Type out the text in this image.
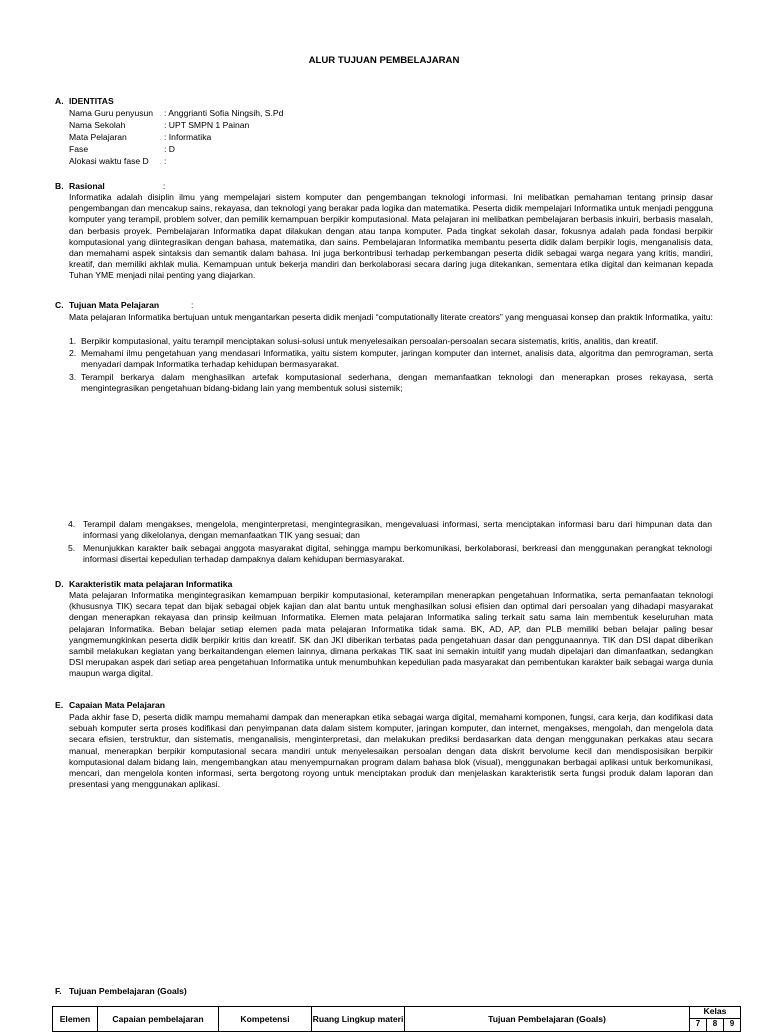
ALUR TUJUAN PEMBELAJARAN
A. IDENTITAS
Nama Guru penyusun : Anggrianti Sofia Ningsih, S.Pd
Nama Sekolah	: UPT SMPN 1 Painan
Mata Pelajaran	: Informatika
Fase	: D
Alokasi waktu fase D :
B. Rasional	:
Informatika adalah disiplin ilmu yang mempelajari sistem komputer dan pengembangan teknologi informasi. Ini melibatkan pemahaman tentang prinsip dasar pengembangan dan mencakup sains, rekayasa, dan teknologi yang berakar pada logika dan matematika. Peserta didik mempelajari Informatika untuk menjadi pengguna komputer yang terampil, problem solver, dan pemilik kemampuan berpikir komputasional. Mata pelajaran ini melibatkan pembelajaran berbasis inkuiri, berbasis masalah, dan berbasis proyek. Pembelajaran Informatika dapat dilakukan dengan atau tanpa komputer. Pada tingkat sekolah dasar, fokusnya adalah pada fondasi berpikir komputasional yang diintegrasikan dengan bahasa, matematika, dan sains. Pembelajaran Informatika membantu peserta didik dalam berpikir logis, menganalisis data, dan memahami aspek sintaksis dan semantik dalam bahasa. Ini juga berkontribusi terhadap perkembangan peserta didik sebagai warga negara yang kritis, mandiri, kreatif, dan memiliki akhlak mulia. Kemampuan untuk bekerja mandiri dan berkolaborasi secara daring juga ditekankan, sementara etika digital dan keimanan kepada Tuhan YME menjadi nilai penting yang diajarkan.
C. Tujuan Mata Pelajaran	:
Mata pelajaran Informatika bertujuan untuk mengantarkan peserta didik menjadi “computationally literate creators” yang menguasai konsep dan praktik Informatika, yaitu:
1. Berpikir komputasional, yaitu terampil menciptakan solusi-solusi untuk menyelesaikan persoalan-persoalan secara sistematis, kritis, analitis, dan kreatif.
2. Memahami ilmu pengetahuan yang mendasari Informatika, yaitu sistem komputer, jaringan komputer dan internet, analisis data, algoritma dan pemrograman, serta menyadari dampak Informatika terhadap kehidupan bermasyarakat.
3. Terampil berkarya dalam menghasilkan artefak komputasional sederhana, dengan memanfaatkan teknologi dan menerapkan proses rekayasa, serta mengintegrasikan pengetahuan bidang-bidang lain yang membentuk solusi sistemik;
4. Terampil dalam mengakses, mengelola, menginterpretasi, mengintegrasikan, mengevaluasi informasi, serta menciptakan informasi baru dari himpunan data dan informasi yang dikelolanya, dengan memanfaatkan TIK yang sesuai; dan
5. Menunjukkan karakter baik sebagai anggota masyarakat digital, sehingga mampu berkomunikasi, berkolaborasi, berkreasi dan menggunakan perangkat teknologi informasi disertai kepedulian terhadap dampaknya dalam kehidupan bermasyarakat.
D. Karakteristik mata pelajaran Informatika
Mata pelajaran Informatika mengintegrasikan kemampuan berpikir komputasional, keterampilan menerapkan pengetahuan Informatika, serta pemanfaatan teknologi (khususnya TIK) secara tepat dan bijak sebagai objek kajian dan alat bantu untuk menghasilkan solusi efisien dan optimal dari persoalan yang dihadapi masyarakat dengan menerapkan rekayasa dan prinsip keilmuan Informatika. Elemen mata pelajaran Informatika saling terkait satu sama lain membentuk keseluruhan mata pelajaran Informatika. Beban belajar setiap elemen pada mata pelajaran Informatika tidak sama. BK, AD, AP, dan PLB memiliki beban belajar paling besar yangmemungkinkan peserta didik berpikir kritis dan kreatif. SK dan JKI diberikan terbatas pada pengetahuan dasar dan penggunaannya. TIK dan DSI dapat diberikan sambil melakukan kegiatan yang berkaitandengan elemen lainnya, dimana perkakas TIK saat ini semakin intuitif yang mudah dipelajari dan dimanfaatkan, sedangkan DSI merupakan aspek dari setiap area pengetahuan Informatika untuk menumbuhkan kepedulian pada masyarakat dan pembentukan karakter baik sebagai warga dunia maupun warga digital.
E. Capaian Mata Pelajaran
Pada akhir fase D, peserta didik mampu memahami dampak dan menerapkan etika sebagai warga digital, memahami komponen, fungsi, cara kerja, dan kodifikasi data sebuah komputer serta proses kodifikasi dan penyimpanan data dalam sistem komputer, jaringan komputer, dan internet, mengakses, mengolah, dan mengelola data secara efisien, terstruktur, dan sistematis, menganalisis, menginterpretasi, dan melakukan prediksi berdasarkan data dengan menggunakan perkakas atau secara manual, menerapkan berpikir komputasional secara mandiri untuk menyelesaikan persoalan dengan data diskrit bervolume kecil dan mendisposisikan berpikir komputasional dalam bidang lain, mengembangkan atau menyempurnakan program dalam bahasa blok (visual), menggunakan berbagai aplikasi untuk berkomunikasi, mencari, dan mengelola konten informasi, serta bergotong royong untuk menciptakan produk dan menjelaskan karakteristik serta fungsi produk dalam laporan dan presentasi yang menggunakan aplikasi.
F. Tujuan Pembelajaran (Goals)
Elemen	Capaian pembelajaran	Kompetensi	Ruang Lingkup materi	Tujuan Pembelajaran (Goals)	
Kelas
7	8	9
